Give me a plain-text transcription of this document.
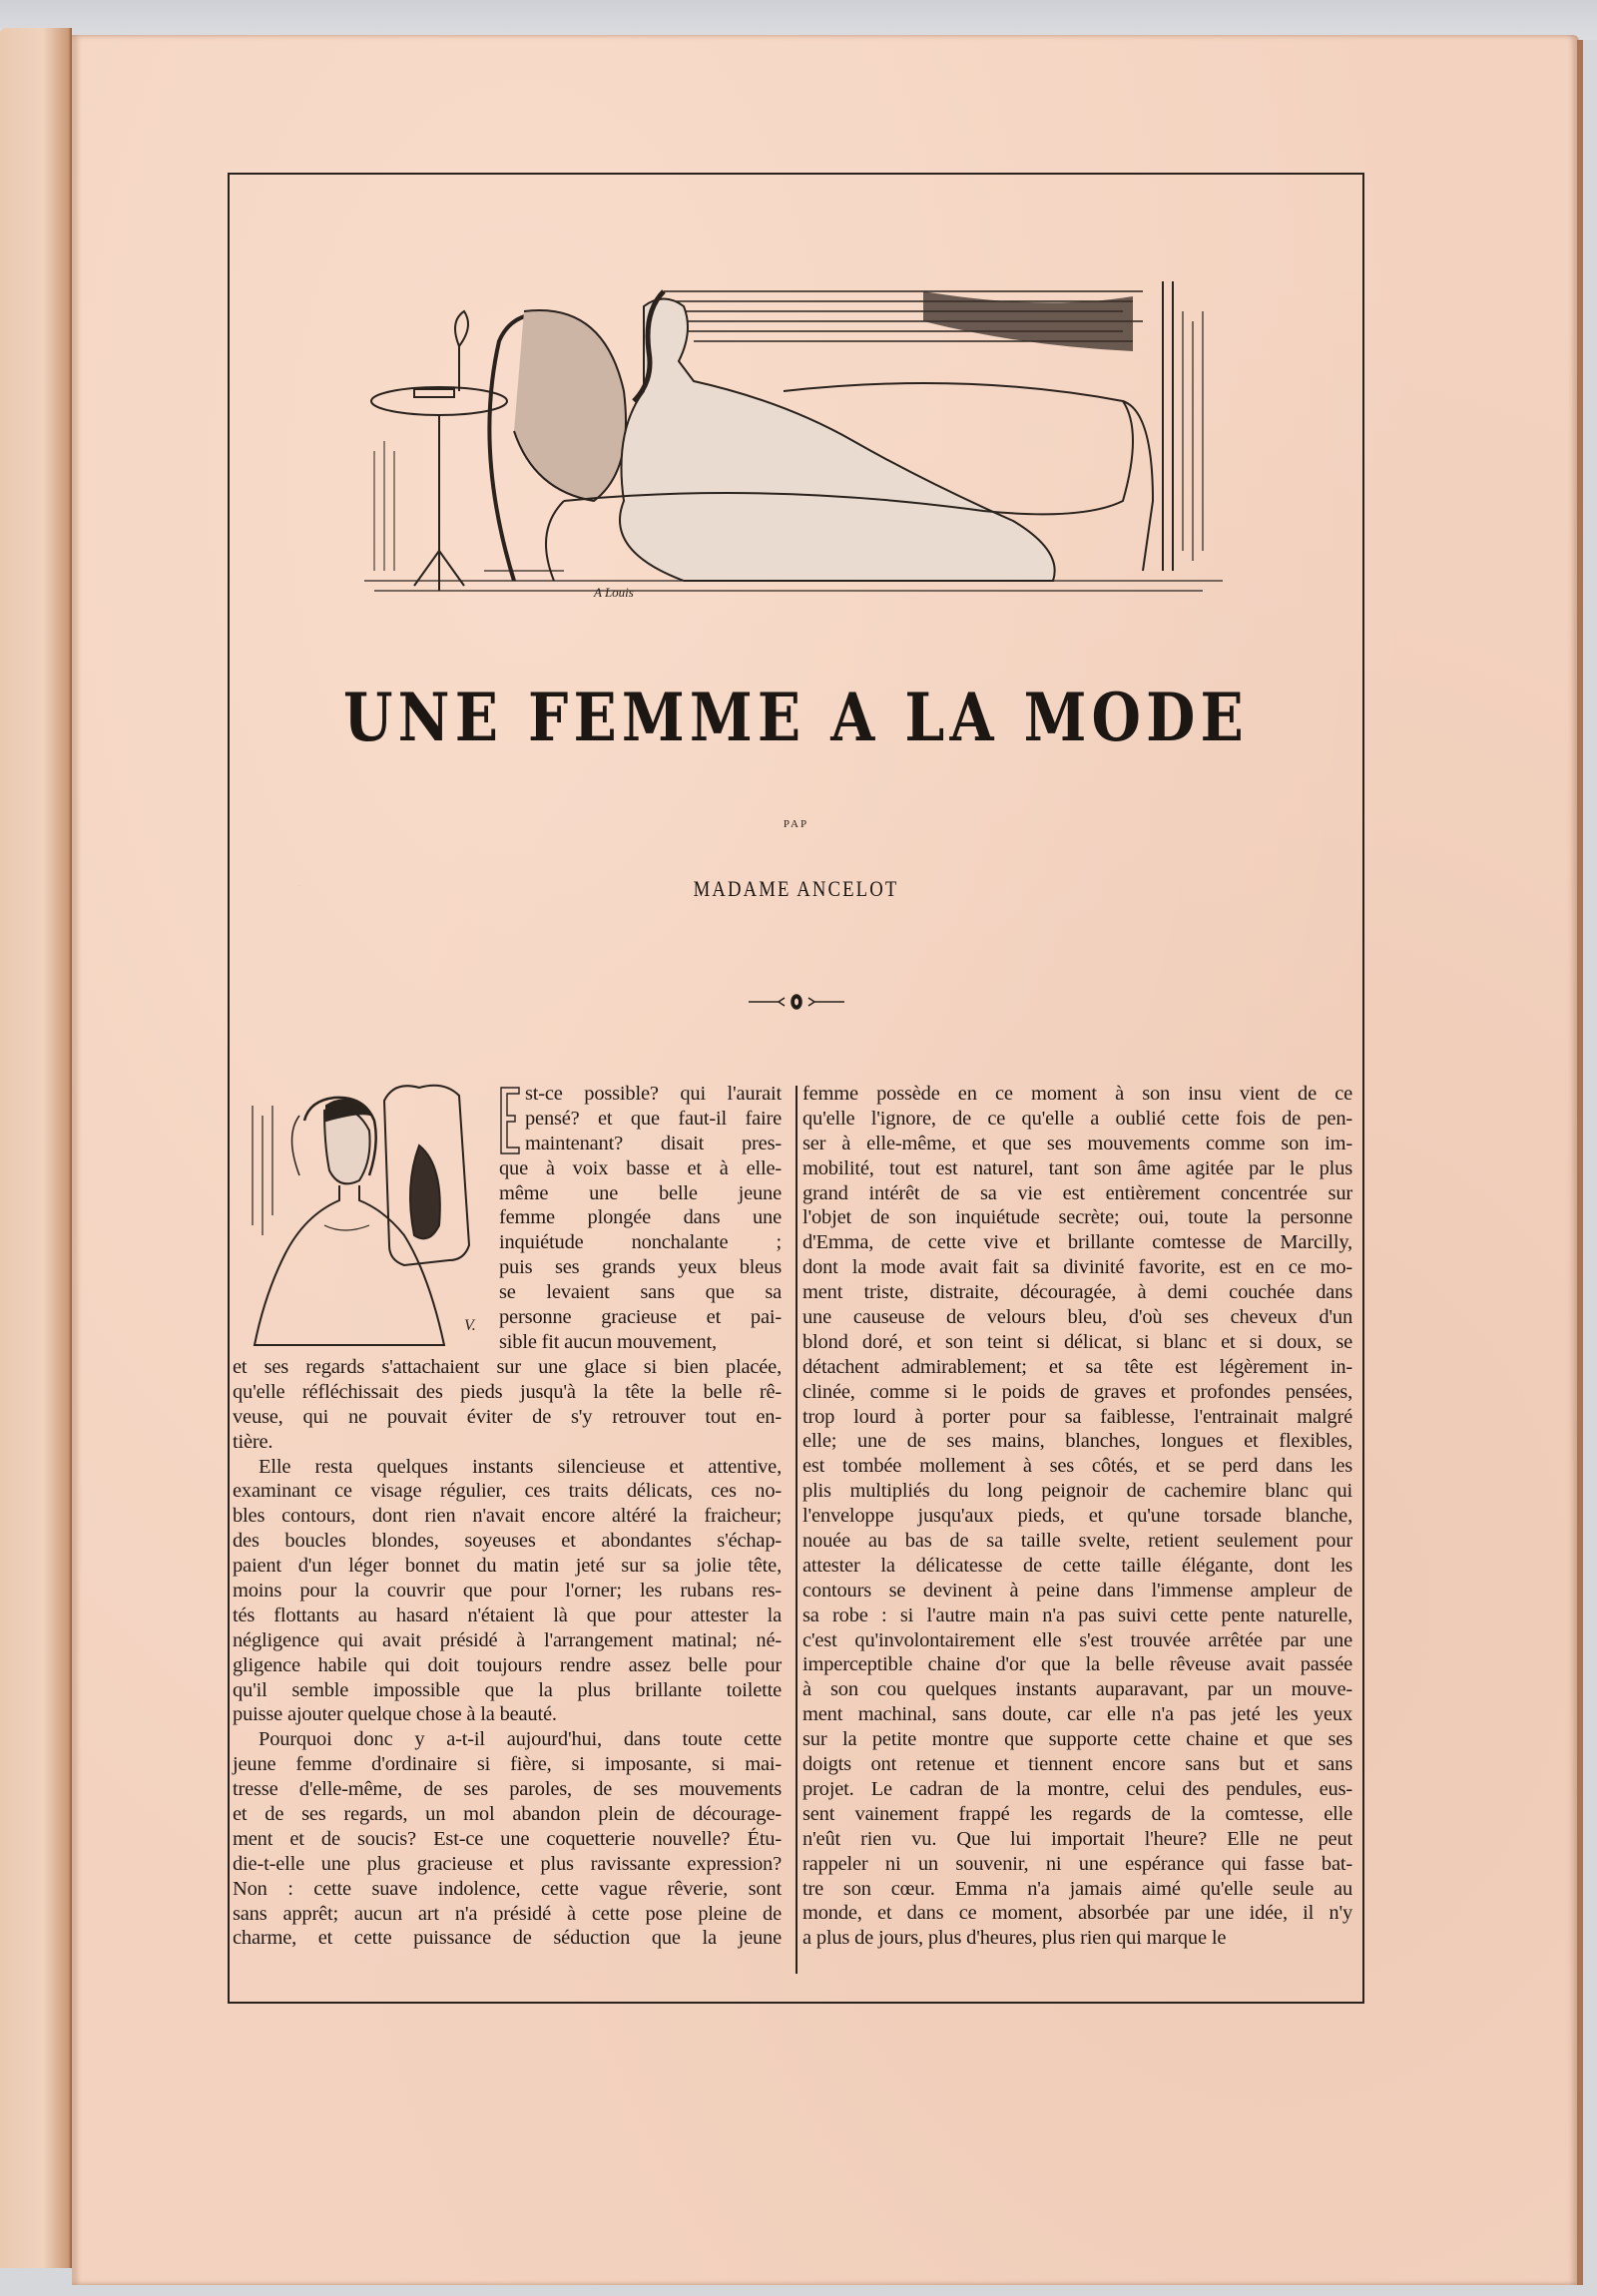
A Louis
UNE FEMME A LA MODE
PAP
MADAME ANCELOT
V.
E
st-ce possible? qui l'aurait
pensé? et que faut-il faire
maintenant? disait pres-
que à voix basse et à elle-
même une belle jeune
femme plongée dans une
inquiétude nonchalante ;
puis ses grands yeux bleus
se levaient sans que sa
personne gracieuse et pai-
sible fit aucun mouvement,
et ses regards s'attachaient sur une glace si bien placée,
qu'elle réfléchissait des pieds jusqu'à la tête la belle rê-
veuse, qui ne pouvait éviter de s'y retrouver tout en-
tière.
Elle resta quelques instants silencieuse et attentive,
examinant ce visage régulier, ces traits délicats, ces no-
bles contours, dont rien n'avait encore altéré la fraicheur;
des boucles blondes, soyeuses et abondantes s'échap-
paient d'un léger bonnet du matin jeté sur sa jolie tête,
moins pour la couvrir que pour l'orner; les rubans res-
tés flottants au hasard n'étaient là que pour attester la
négligence qui avait présidé à l'arrangement matinal; né-
gligence habile qui doit toujours rendre assez belle pour
qu'il semble impossible que la plus brillante toilette
puisse ajouter quelque chose à la beauté.
Pourquoi donc y a-t-il aujourd'hui, dans toute cette
jeune femme d'ordinaire si fière, si imposante, si mai-
tresse d'elle-même, de ses paroles, de ses mouvements
et de ses regards, un mol abandon plein de décourage-
ment et de soucis? Est-ce une coquetterie nouvelle? Étu-
die-t-elle une plus gracieuse et plus ravissante expression?
Non : cette suave indolence, cette vague rêverie, sont
sans apprêt; aucun art n'a présidé à cette pose pleine de
charme, et cette puissance de séduction que la jeune
femme possède en ce moment à son insu vient de ce
qu'elle l'ignore, de ce qu'elle a oublié cette fois de pen-
ser à elle-même, et que ses mouvements comme son im-
mobilité, tout est naturel, tant son âme agitée par le plus
grand intérêt de sa vie est entièrement concentrée sur
l'objet de son inquiétude secrète; oui, toute la personne
d'Emma, de cette vive et brillante comtesse de Marcilly,
dont la mode avait fait sa divinité favorite, est en ce mo-
ment triste, distraite, découragée, à demi couchée dans
une causeuse de velours bleu, d'où ses cheveux d'un
blond doré, et son teint si délicat, si blanc et si doux, se
détachent admirablement; et sa tête est légèrement in-
clinée, comme si le poids de graves et profondes pensées,
trop lourd à porter pour sa faiblesse, l'entrainait malgré
elle; une de ses mains, blanches, longues et flexibles,
est tombée mollement à ses côtés, et se perd dans les
plis multipliés du long peignoir de cachemire blanc qui
l'enveloppe jusqu'aux pieds, et qu'une torsade blanche,
nouée au bas de sa taille svelte, retient seulement pour
attester la délicatesse de cette taille élégante, dont les
contours se devinent à peine dans l'immense ampleur de
sa robe : si l'autre main n'a pas suivi cette pente naturelle,
c'est qu'involontairement elle s'est trouvée arrêtée par une
imperceptible chaine d'or que la belle rêveuse avait passée
à son cou quelques instants auparavant, par un mouve-
ment machinal, sans doute, car elle n'a pas jeté les yeux
sur la petite montre que supporte cette chaine et que ses
doigts ont retenue et tiennent encore sans but et sans
projet. Le cadran de la montre, celui des pendules, eus-
sent vainement frappé les regards de la comtesse, elle
n'eût rien vu. Que lui importait l'heure? Elle ne peut
rappeler ni un souvenir, ni une espérance qui fasse bat-
tre son cœur. Emma n'a jamais aimé qu'elle seule au
monde, et dans ce moment, absorbée par une idée, il n'y
a plus de jours, plus d'heures, plus rien qui marque le
